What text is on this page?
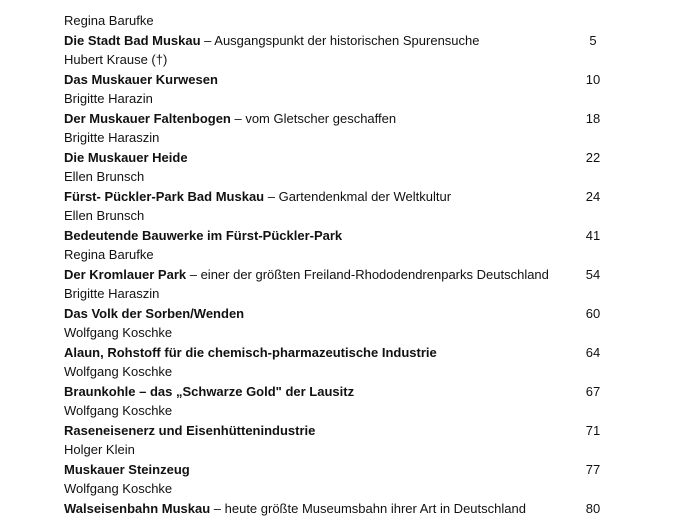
Regina Barufke
Die Stadt Bad Muskau – Ausgangspunkt der historischen Spurensuche	5
Hubert Krause (†)
Das Muskauer Kurwesen	10
Brigitte Harazin
Der Muskauer Faltenbogen – vom Gletscher geschaffen	18
Brigitte Haraszin
Die Muskauer Heide	22
Ellen Brunsch
Fürst- Pückler-Park Bad Muskau – Gartendenkmal der Weltkultur	24
Ellen Brunsch
Bedeutende Bauwerke im Fürst-Pückler-Park	41
Regina Barufke
Der Kromlauer Park – einer der größten Freiland-Rhododendrenparks Deutschland	54
Brigitte Haraszin
Das Volk der Sorben/Wenden	60
Wolfgang Koschke
Alaun, Rohstoff für die chemisch-pharmazeutische Industrie	64
Wolfgang Koschke
Braunkohle – das „Schwarze Gold" der Lausitz	67
Wolfgang Koschke
Raseneisenerz und Eisenhüttenindustrie	71
Holger Klein
Muskauer Steinzeug	77
Wolfgang Koschke
Walseisenbahn Muskau – heute größte Museumsbahn ihrer Art in Deutschland	80
